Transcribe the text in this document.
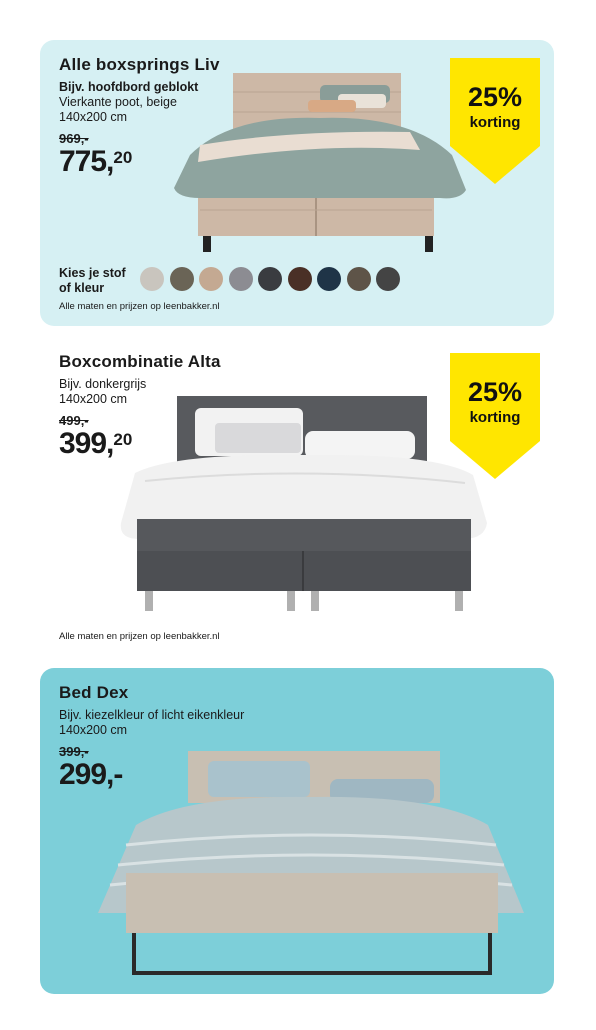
Alle boxsprings Liv
Bijv. hoofdbord geblokt
Vierkante poot, beige
140x200 cm
969,-
775,20
25%
korting
Kies je stof
of kleur
Alle maten en prijzen op leenbakker.nl
Boxcombinatie Alta
Bijv. donkergrijs
140x200 cm
499,-
399,20
25%
korting
Alle maten en prijzen op leenbakker.nl
Bed Dex
Bijv. kiezelkleur of licht eikenkleur
140x200 cm
399,-
299,-
